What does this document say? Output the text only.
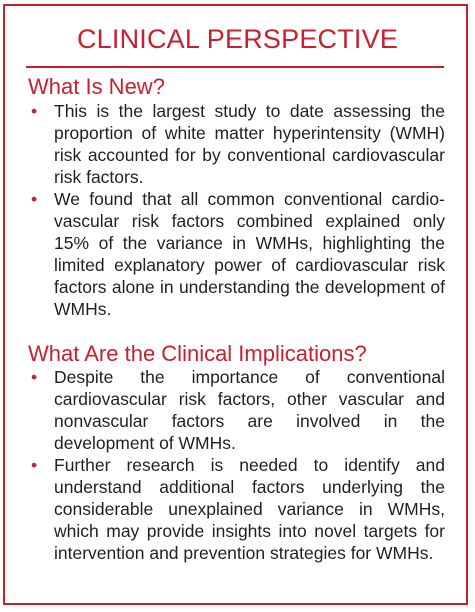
CLINICAL PERSPECTIVE
What Is New?
• This is the largest study to date assessing the proportion of white matter hyperintensity (WMH) risk accounted for by conventional cardiovascular risk factors.
• We found that all common conventional cardio-vascular risk factors combined explained only 15% of the variance in WMHs, highlighting the limited explanatory power of cardiovascular risk factors alone in understanding the development of WMHs.
What Are the Clinical Implications?
• Despite the importance of conventional cardiovascular risk factors, other vascular and nonvascular factors are involved in the development of WMHs.
• Further research is needed to identify and understand additional factors underlying the considerable unexplained variance in WMHs, which may provide insights into novel targets for intervention and prevention strategies for WMHs.
